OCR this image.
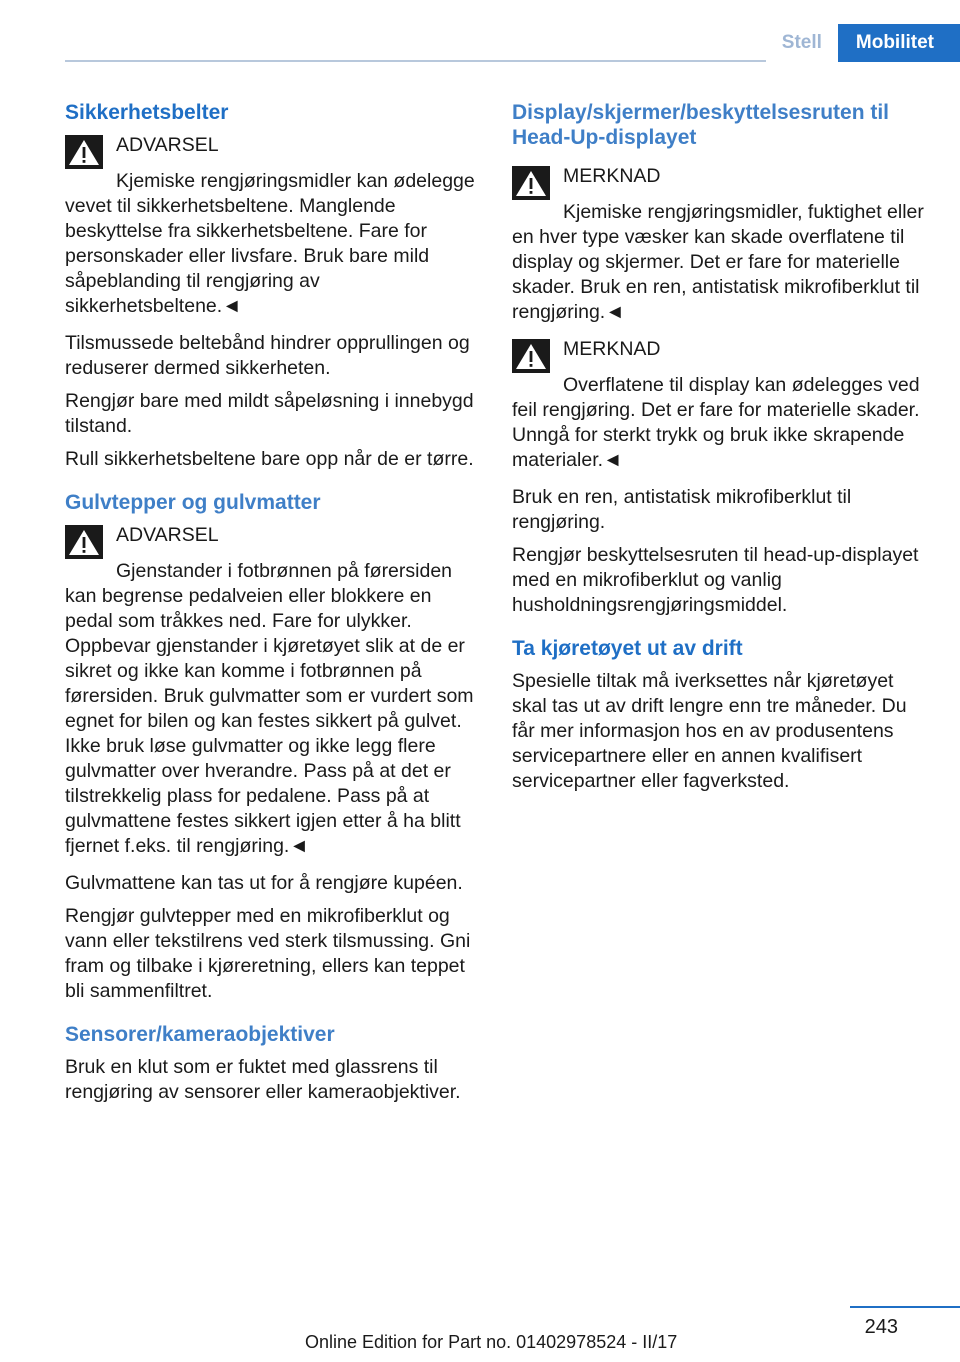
Stell	Mobilitet
Sikkerhetsbelter
ADVARSEL
Kjemiske rengjøringsmidler kan ødelegge vevet til sikkerhetsbeltene. Manglende beskyttelse fra sikkerhetsbeltene. Fare for personskader eller livsfare. Bruk bare mild såpeblanding til rengjøring av sikkerhetsbeltene.◄

Tilsmussede beltebånd hindrer opprullingen og reduserer dermed sikkerheten.

Rengjør bare med mildt såpeløsning i innebygd tilstand.

Rull sikkerhetsbeltene bare opp når de er tørre.

Gulvtepper og gulvmatter
ADVARSEL
Gjenstander i fotbrønnen på førersiden kan begrense pedalveien eller blokkere en pedal som tråkkes ned. Fare for ulykker. Oppbevar gjenstander i kjøretøyet slik at de er sikret og ikke kan komme i fotbrønnen på førersiden. Bruk gulvmatter som er vurdert som egnet for bilen og kan festes sikkert på gulvet. Ikke bruk løse gulvmatter og ikke legg flere gulvmatter over hverandre. Pass på at det er tilstrekkelig plass for pedalene. Pass på at gulvmattene festes sikkert igjen etter å ha blitt fjernet f.eks. til rengjøring.◄

Gulvmattene kan tas ut for å rengjøre kupéen.

Rengjør gulvtepper med en mikrofiberklut og vann eller tekstilrens ved sterk tilsmussing. Gni fram og tilbake i kjøreretning, ellers kan teppet bli sammenfiltret.

Sensorer/kameraobjektiver

Bruk en klut som er fuktet med glassrens til rengjøring av sensorer eller kameraobjektiver.

Display/skjermer/beskyttelsesruten til Head-Up-displayet
MERKNAD
Kjemiske rengjøringsmidler, fuktighet eller en hver type væsker kan skade overflatene til display og skjermer. Det er fare for materielle skader. Bruk en ren, antistatisk mikrofiberklut til rengjøring.◄
MERKNAD
Overflatene til display kan ødelegges ved feil rengjøring. Det er fare for materielle skader. Unngå for sterkt trykk og bruk ikke skrapende materialer.◄

Bruk en ren, antistatisk mikrofiberklut til rengjøring.

Rengjør beskyttelsesruten til head-up-displayet med en mikrofiberklut og vanlig husholdningsrengjøringsmiddel.

Ta kjøretøyet ut av drift

Spesielle tiltak må iverksettes når kjøretøyet skal tas ut av drift lengre enn tre måneder. Du får mer informasjon hos en av produsentens servicepartnere eller en annen kvalifisert servicepartner eller fagverksted.

243
Online Edition for Part no. 01402978524 - II/17
